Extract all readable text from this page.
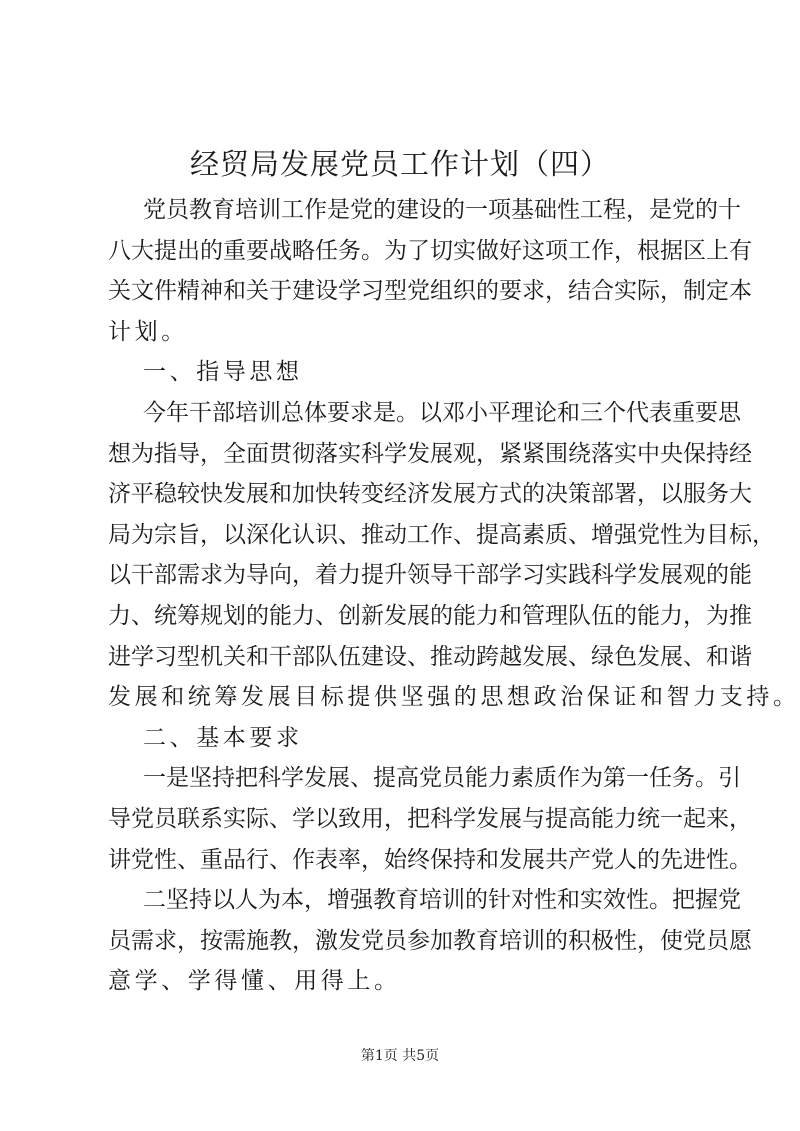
经贸局发展党员工作计划（四）
党员教育培训工作是党的建设的一项基础性工程，是党的十
八大提出的重要战略任务。为了切实做好这项工作，根据区上有
关文件精神和关于建设学习型党组织的要求，结合实际，制定本
计划。
一、指导思想
今年干部培训总体要求是。以邓小平理论和三个代表重要思
想为指导，全面贯彻落实科学发展观，紧紧围绕落实中央保持经
济平稳较快发展和加快转变经济发展方式的决策部署，以服务大
局为宗旨，以深化认识、推动工作、提高素质、增强党性为目标，
以干部需求为导向，着力提升领导干部学习实践科学发展观的能
力、统筹规划的能力、创新发展的能力和管理队伍的能力，为推
进学习型机关和干部队伍建设、推动跨越发展、绿色发展、和谐
发展和统筹发展目标提供坚强的思想政治保证和智力支持。
二、基本要求
一是坚持把科学发展、提高党员能力素质作为第一任务。引
导党员联系实际、学以致用，把科学发展与提高能力统一起来，
讲党性、重品行、作表率，始终保持和发展共产党人的先进性。
二坚持以人为本，增强教育培训的针对性和实效性。把握党
员需求，按需施教，激发党员参加教育培训的积极性，使党员愿
意学、学得懂、用得上。
第1页 共5页
